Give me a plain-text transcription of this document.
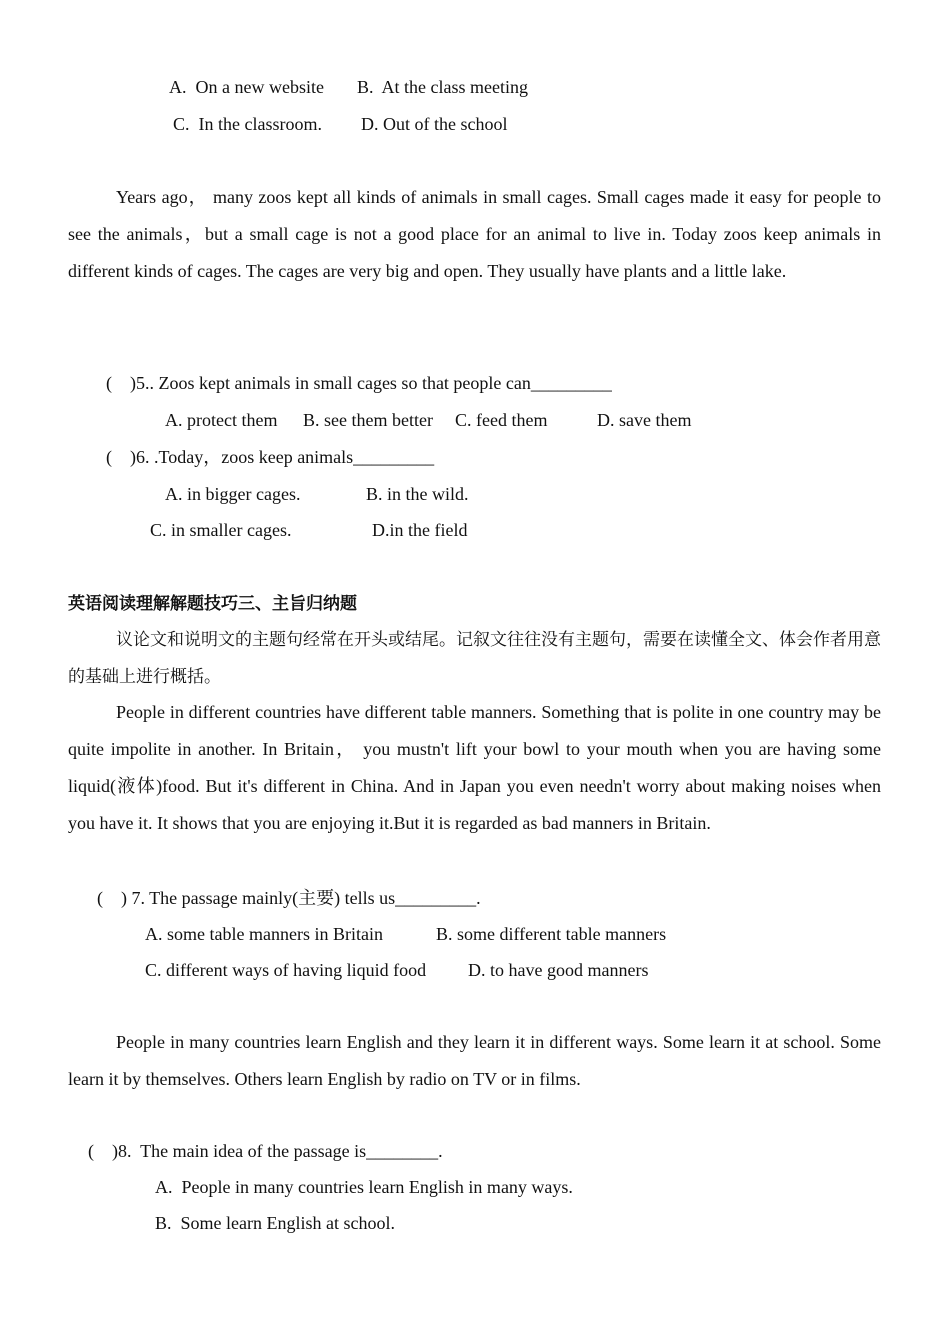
A.  On a new website B.  At the class meeting
C.  In the classroom. D. Out of the school
Years ago， many zoos kept all kinds of animals in small cages. Small cages made it easy for people to see the animals，but a small cage is not a good place for an animal to live in. Today zoos keep animals in different kinds of cages. The cages are very big and open. They usually have plants and a little lake.
(    )5.. Zoos kept animals in small cages so that people can_________
A. protect them B. see them better C. feed them	D. save them
(    )6. .Today，zoos keep animals_________
A. in bigger cages.	B. in the wild.
C. in smaller cages.	D.in the field
英语阅读理解解题技巧三、主旨归纳题
议论文和说明文的主题句经常在开头或结尾。记叙文往往没有主题句，需要在读懂全文、体会作者用意的基础上进行概括。
People in different countries have different table manners. Something that is polite in one country may be quite impolite in another. In Britain， you mustn't lift your bowl to your mouth when you are having some liquid(液体)food. But it's different in China. And in Japan you even needn't worry about making noises when you have it. It shows that you are enjoying it.But it is regarded as bad manners in Britain.
(    ) 7. The passage mainly(主要) tells us_________.
A. some table manners in Britain	B. some different table manners
C. different ways of having liquid food D. to have good manners
People in many countries learn English and they learn it in different ways. Some learn it at school. Some learn it by themselves. Others learn English by radio on TV or in films.
(    )8.  The main idea of the passage is________.
A.  People in many countries learn English in many ways.
B.  Some learn English at school.
